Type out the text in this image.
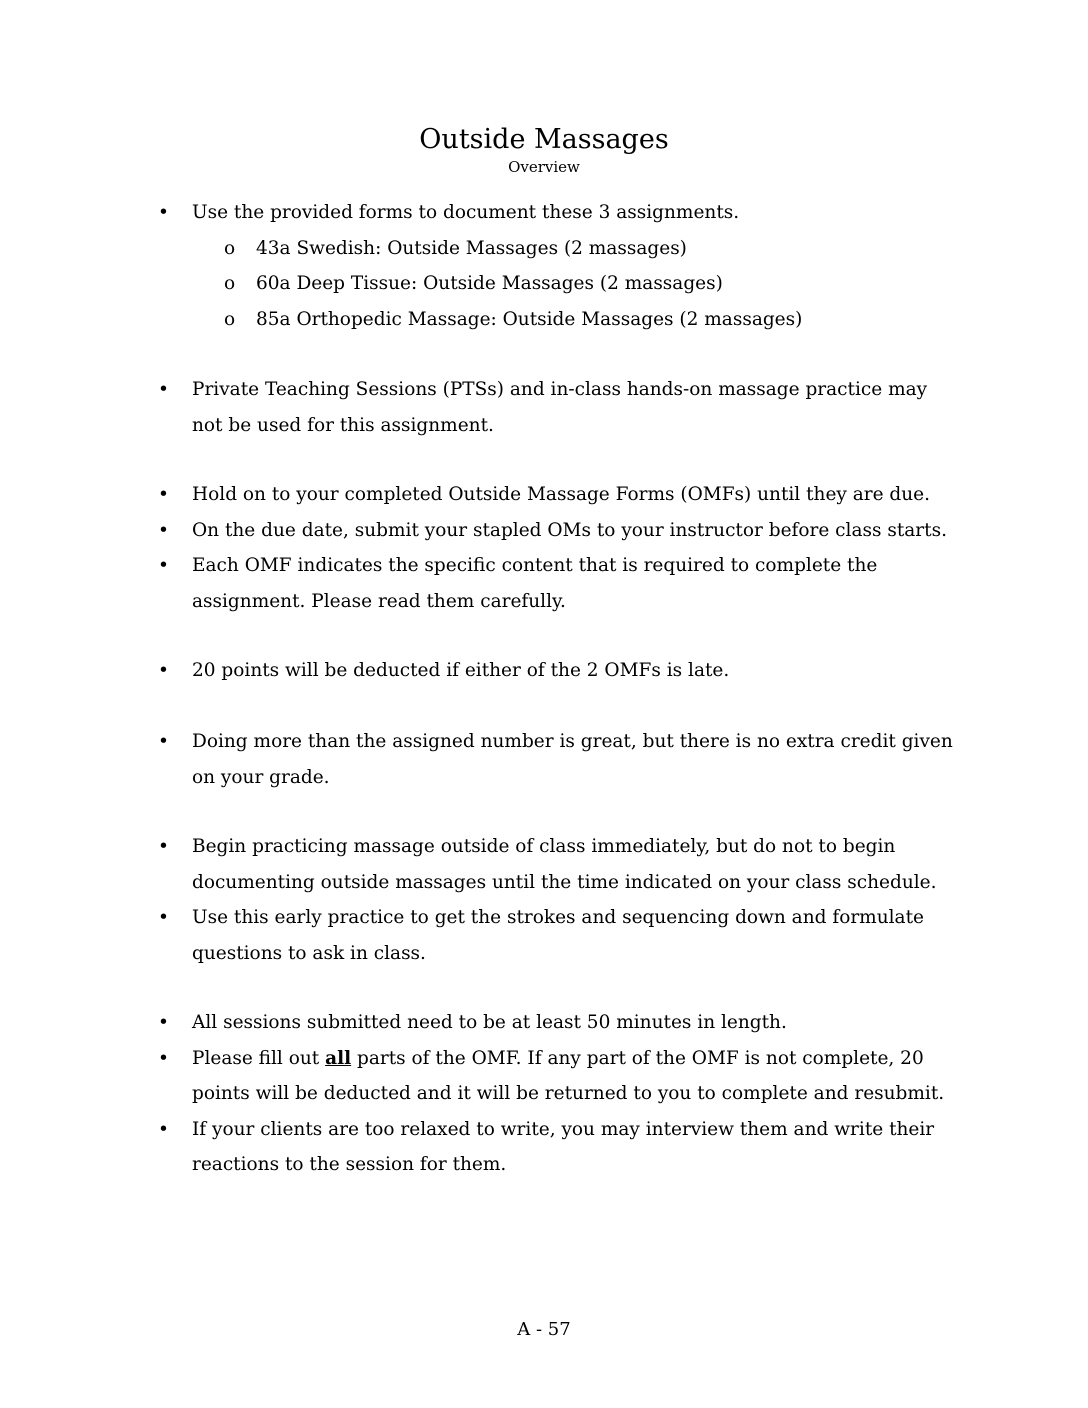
Outside Massages
Overview
•	Use the provided forms to document these 3 assignments.
o	43a Swedish: Outside Massages (2 massages)
o	60a Deep Tissue: Outside Massages (2 massages)
o	85a Orthopedic Massage: Outside Massages (2 massages)
•	Private Teaching Sessions (PTSs) and in-class hands-on massage practice may
not be used for this assignment.
•	Hold on to your completed Outside Massage Forms (OMFs) until they are due.
•	On the due date, submit your stapled OMs to your instructor before class starts.
•	Each OMF indicates the specific content that is required to complete the
assignment. Please read them carefully.
•	20 points will be deducted if either of the 2 OMFs is late.
•	Doing more than the assigned number is great, but there is no extra credit given
on your grade.
•	Begin practicing massage outside of class immediately, but do not to begin
documenting outside massages until the time indicated on your class schedule.
•	Use this early practice to get the strokes and sequencing down and formulate
questions to ask in class.
•	All sessions submitted need to be at least 50 minutes in length.
•	Please fill out all parts of the OMF. If any part of the OMF is not complete, 20
points will be deducted and it will be returned to you to complete and resubmit.
•	If your clients are too relaxed to write, you may interview them and write their
reactions to the session for them.
A - 57
